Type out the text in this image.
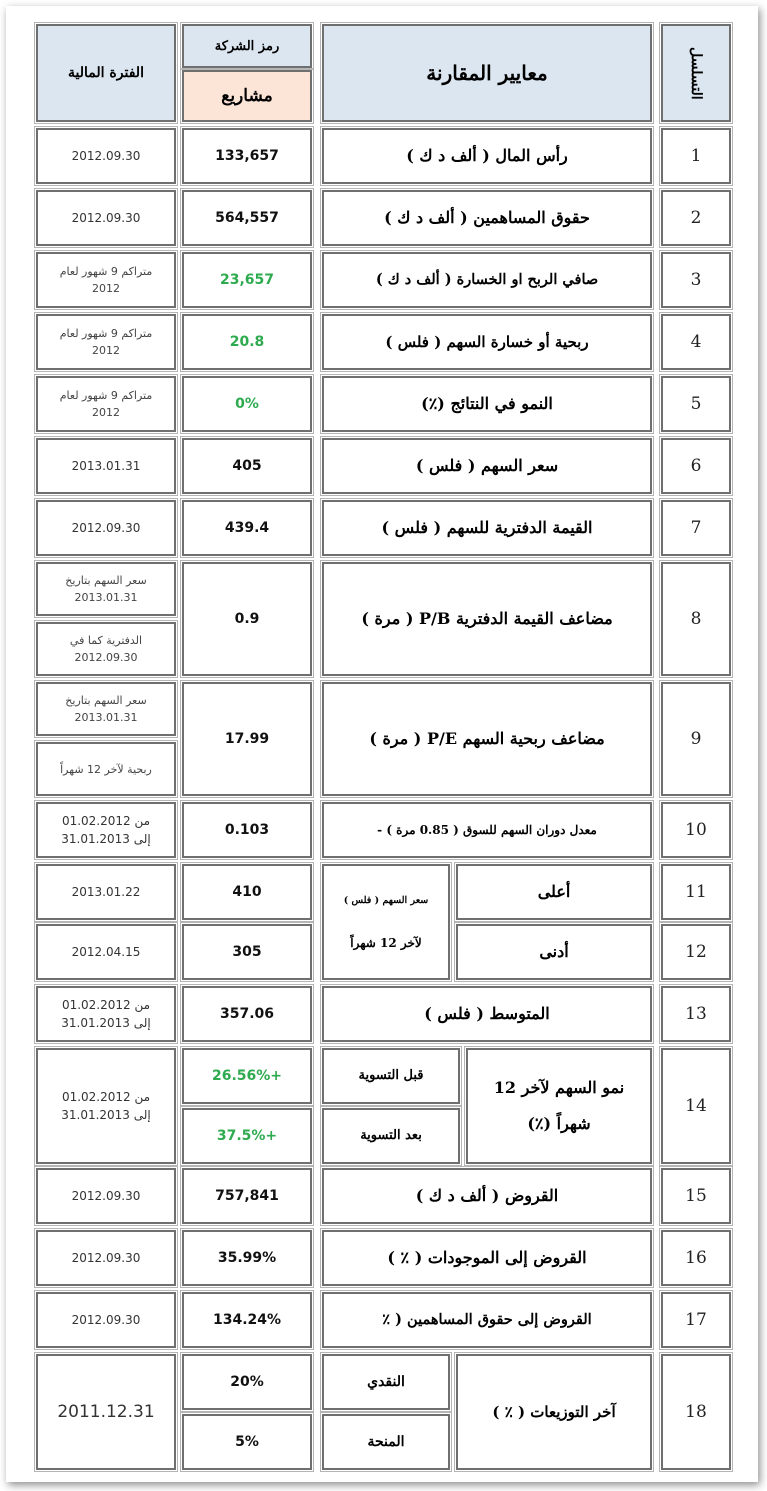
التسلسل
معايير المقارنة
رمز الشركة
مشاريع
الفترة المالية
1
رأس المال ( ألف د ك )
133,657
2012.09.30
2
حقوق المساهمين ( ألف د ك )
564,557
2012.09.30
3
صافي الربح او الخسارة ( ألف د ك )
23,657
متراكم 9 شهور لعام 2012
4
ربحية أو خسارة السهم ( فلس )
20.8
متراكم 9 شهور لعام 2012
5
النمو في النتائج (٪)
0%
متراكم 9 شهور لعام 2012
6
سعر السهم ( فلس )
405
2013.01.31
7
القيمة الدفترية للسهم ( فلس )
439.4
2012.09.30
8
مضاعف القيمة الدفترية P/B ( مرة )
0.9
سعر السهم بتاريخ 2013.01.31
الدفترية كما في 2012.09.30
9
مضاعف ربحية السهم P/E ( مرة )
17.99
سعر السهم بتاريخ 2013.01.31
ربحية لآخر 12 شهراً
10
معدل دوران السهم للسوق ( 0.85 مرة ) -
0.103
من 01.02.2012
إلى 31.01.2013
11
12
أعلى
أدنى
سعر السهم ( فلس )
لآخر 12 شهراً
410
305
2013.01.22
2012.04.15
13
المتوسط ( فلس )
357.06
من 01.02.2012
إلى 31.01.2013
14
نمو السهم لآخر 12 شهراً (٪)
قبل التسوية
بعد التسوية
26.56%+
37.5%+
من 01.02.2012
إلى 31.01.2013
15
القروض ( ألف د ك )
757,841
2012.09.30
16
القروض إلى الموجودات ( ٪ )
35.99%
2012.09.30
17
القروض إلى حقوق المساهمين ( ٪
134.24%
2012.09.30
18
آخر التوزيعات ( ٪ )
النقدي
المنحة
20%
5%
2011.12.31
